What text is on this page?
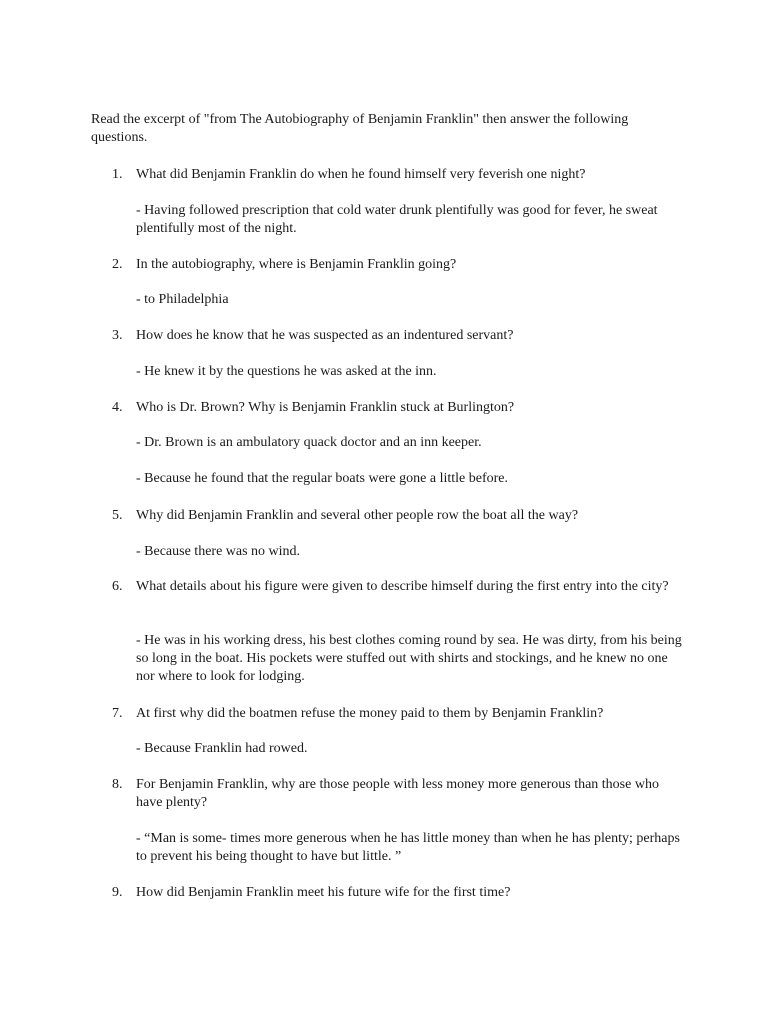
Read the excerpt of "from The Autobiography of Benjamin Franklin" then answer the following questions.

1. What did Benjamin Franklin do when he found himself very feverish one night?

- Having followed prescription that cold water drunk plentifully was good for fever, he sweat plentifully most of the night.

2. In the autobiography, where is Benjamin Franklin going?

- to Philadelphia

3. How does he know that he was suspected as an indentured servant?

- He knew it by the questions he was asked at the inn.

4. Who is Dr. Brown? Why is Benjamin Franklin stuck at Burlington?

- Dr. Brown is an ambulatory quack doctor and an inn keeper.

- Because he found that the regular boats were gone a little before.

5. Why did Benjamin Franklin and several other people row the boat all the way?

- Because there was no wind.

6. What details about his figure were given to describe himself during the first entry into the city?

- He was in his working dress, his best clothes coming round by sea. He was dirty, from his being so long in the boat. His pockets were stuffed out with shirts and stockings, and he knew no one nor where to look for lodging.

7. At first why did the boatmen refuse the money paid to them by Benjamin Franklin?

- Because Franklin had rowed.

8. For Benjamin Franklin, why are those people with less money more generous than those who have plenty?

- “Man is some- times more generous when he has little money than when he has plenty; perhaps to prevent his being thought to have but little. ”

9. How did Benjamin Franklin meet his future wife for the first time?
